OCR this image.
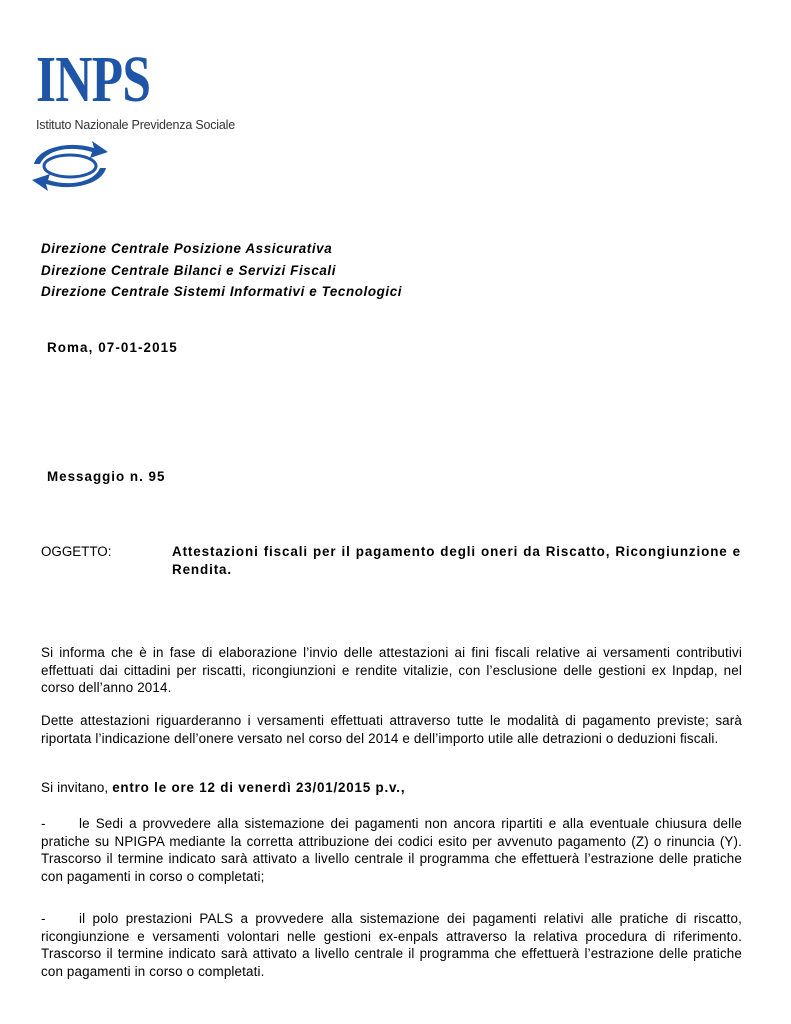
INPS
Istituto Nazionale Previdenza Sociale
Direzione Centrale Posizione Assicurativa
Direzione Centrale Bilanci e Servizi Fiscali
Direzione Centrale Sistemi Informativi e Tecnologici
Roma, 07-01-2015
Messaggio n. 95
OGGETTO:	Attestazioni fiscali per il pagamento degli oneri da Riscatto, Ricongiunzione e Rendita.
Si informa che è in fase di elaborazione l’invio delle attestazioni ai fini fiscali relative ai versamenti contributivi effettuati dai cittadini per riscatti, ricongiunzioni e rendite vitalizie, con l’esclusione delle gestioni ex Inpdap, nel corso dell’anno 2014.
Dette attestazioni riguarderanno i versamenti effettuati attraverso tutte le modalità di pagamento previste; sarà riportata l’indicazione dell’onere versato nel corso del 2014 e dell’importo utile alle detrazioni o deduzioni fiscali.
Si invitano, entro le ore 12 di venerdì 23/01/2015 p.v.,
- le Sedi a provvedere alla sistemazione dei pagamenti non ancora ripartiti e alla eventuale chiusura delle pratiche su NPIGPA mediante la corretta attribuzione dei codici esito per avvenuto pagamento (Z) o rinuncia (Y). Trascorso il termine indicato sarà attivato a livello centrale il programma che effettuerà l’estrazione delle pratiche con pagamenti in corso o completati;
- il polo prestazioni PALS a provvedere alla sistemazione dei pagamenti relativi alle pratiche di riscatto, ricongiunzione e versamenti volontari nelle gestioni ex-enpals attraverso la relativa procedura di riferimento. Trascorso il termine indicato sarà attivato a livello centrale il programma che effettuerà l’estrazione delle pratiche con pagamenti in corso o completati.
